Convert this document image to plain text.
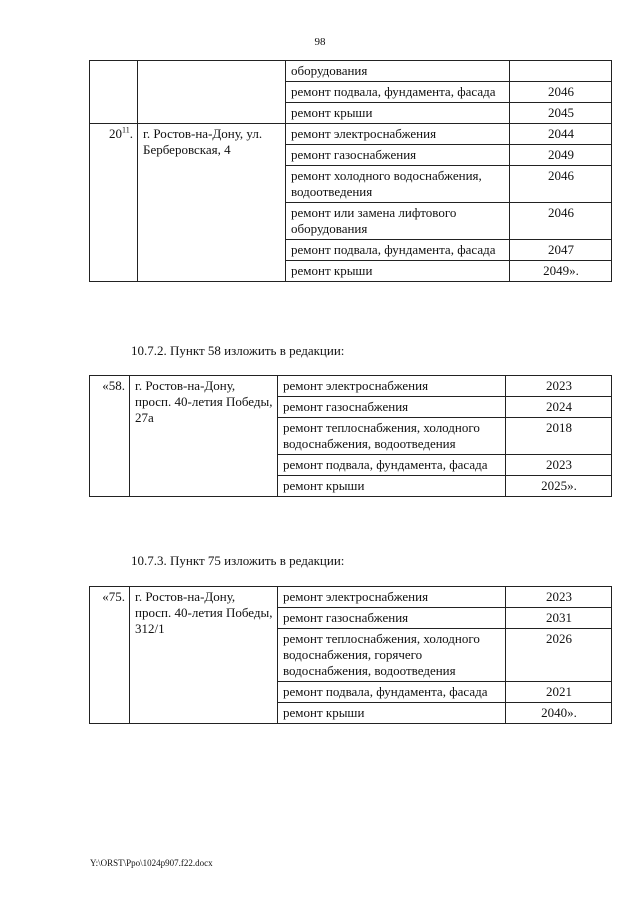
98
		оборудования	
		ремонт подвала, фундамента, фасада	2046
		ремонт крыши	2045
$20^{11}$.	г. Ростов-на-Дону, ул. Берберовская, 4	ремонт электроснабжения	2044
		ремонт газоснабжения	2049
		ремонт холодного водоснабжения, водоотведения	2046
		ремонт или замена лифтового оборудования	2046
		ремонт подвала, фундамента, фасада	2047
		ремонт крыши	2049».
10.7.2. Пункт 58 изложить в редакции:
«58.	г. Ростов-на-Дону, просп. 40-летия Победы, 27а	ремонт электроснабжения	2023
		ремонт газоснабжения	2024
		ремонт теплоснабжения, холодного водоснабжения, водоотведения	2018
		ремонт подвала, фундамента, фасада	2023
		ремонт крыши	2025».
10.7.3. Пункт 75 изложить в редакции:
«75.	г. Ростов-на-Дону, просп. 40-летия Победы, 312/1	ремонт электроснабжения	2023
		ремонт газоснабжения	2031
		ремонт теплоснабжения, холодного водоснабжения, горячего водоснабжения, водоотведения	2026
		ремонт подвала, фундамента, фасада	2021
		ремонт крыши	2040».
Y:\ORST\Ppo\1024p907.f22.docx
